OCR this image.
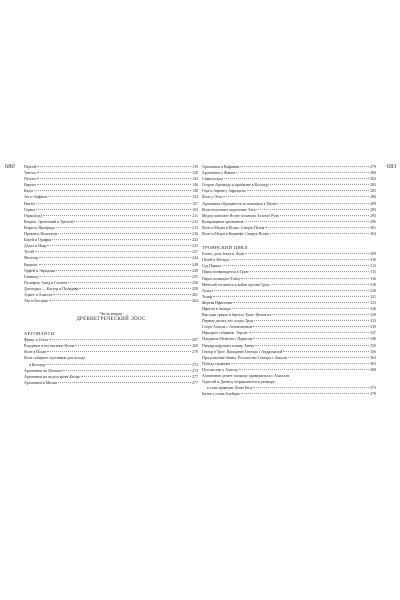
680	681
Персей	119
Тантал	138
Пелопс	142
Европа	146
Кадм	148
Зет и Амфион	154
Ниоба	157
Геракл	163
Геракл(ид)	211
Кекроп, Эрехтоний и Эрехтей	212
Кефал и Прокрида	213
Прокна и Филомела	216
Борей и Орифия	222
Дедал и Икар	223
Тесей	227
Мелеагр	244
Кекропс	248
Орфей и Эвридика	249
Ганимед	255
Полифем, Акид и Галатея	256
Диоскуры — Кастор и Полидевк	258
Адмет и Алкеста	261
Эхо и Беозрия	264
Часть вторая
ДРЕВНЕГРЕЧЕСКИЙ ЭПОС
АРГОНАВТЫ
Фрикс и Гелла	267
Рождение и воспитание Ясона	269
Ясон в Иолке	270
Ясон собирает спутников для похода
в Колхиду	272
Аргонавты на Лемносе	274
Аргонавты на полуострове Кизик	277
Аргонавты в Мизии	277
Аргонавты в Вифинии	279
Аргонавты у Финея	280
Симплегады	282
Остров Аретиада и прибытие в Колхиду	283
Гера и Афина у Афродиты	285
Ясон у Ээта	286
Аргонавты обращаются за помощью к Медее	289
Ясон исполняет поручение Ээта	293
Медея помогает Ясону похитить Золотое Руно	293
Возвращение аргонавтов	296
Ясон и Медея в Иолке. Смерть Пелия	301
Ясон и Медея в Коринфе. Смерть Ясона	304
ТРОЯНСКИЙ ЦИКЛ
Елена, дочь Зевса и Леды	309
Пелей и Фетида	310
Суд Париса	313
Парис возвращается в Трою	315
Парис похищает Елену	316
Менелай готовится к войне против Трои	318
Ахилл	320
Телеф	321
Жертва Ифигении	323
Ифиген в Авлиде	326
Высадка греков в берегах Трои. Филоктет	329
Первые десять лет осады Трои	333
Ссора Ахилла с Агамемноном	339
Народное собрание. Терсит	347
Поединок Менелая с Парисом	348
Пандар нарушает клятву. Битва	350
Гектор в Трое. Прощание Гектора с Андромахой	356
Продолжение битвы. Посольство Гектора с Аяксом	363
Победа троянцев	365
Посольство к Ахиллу	368
Агамемнон делает попытку примириться с Ахиллом
Одиссей и Диомед отправляются в разведку
в стан троянцев. Конн Реса	373
Битва у стана Ахейцев	379
